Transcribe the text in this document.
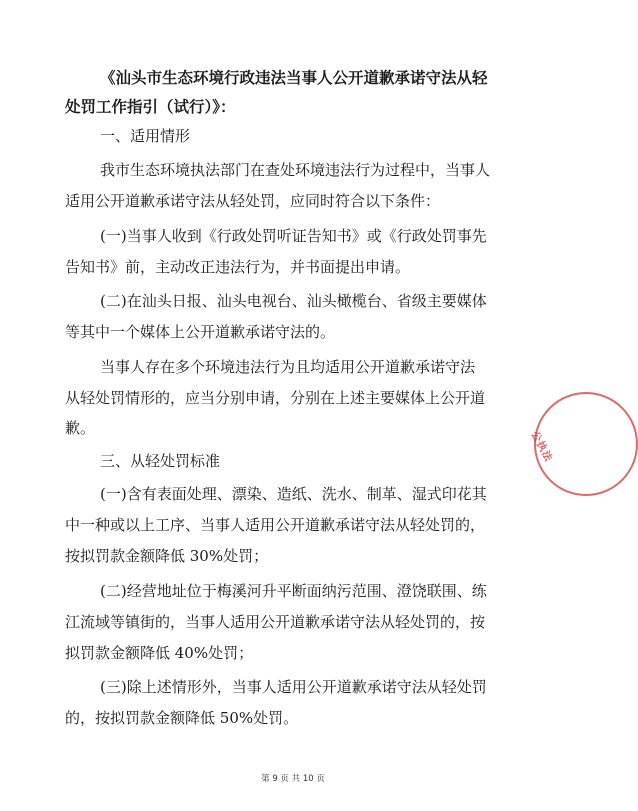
《汕头市生态环境行政违法当事人公开道歉承诺守法从轻
处罚工作指引（试行）》：
一、适用情形
我市生态环境执法部门在查处环境违法行为过程中，当事人
适用公开道歉承诺守法从轻处罚，应同时符合以下条件：
(一)当事人收到《行政处罚听证告知书》或《行政处罚事先
告知书》前，主动改正违法行为，并书面提出申请。
(二)在汕头日报、汕头电视台、汕头橄榄台、省级主要媒体
等其中一个媒体上公开道歉承诺守法的。
当事人存在多个环境违法行为且均适用公开道歉承诺守法
从轻处罚情形的，应当分别申请，分别在上述主要媒体上公开道
歉。
三、从轻处罚标准
(一)含有表面处理、漂染、造纸、洗水、制革、湿式印花其
中一种或以上工序、当事人适用公开道歉承诺守法从轻处罚的，
按拟罚款金额降低 30%处罚；
(二)经营地址位于梅溪河升平断面纳污范围、澄饶联围、练
江流域等镇街的，当事人适用公开道歉承诺守法从轻处罚的，按
拟罚款金额降低 40%处罚；
(三)除上述情形外，当事人适用公开道歉承诺守法从轻处罚
的，按拟罚款金额降低 50%处罚。
公执法
第 9 页 共 10 页
